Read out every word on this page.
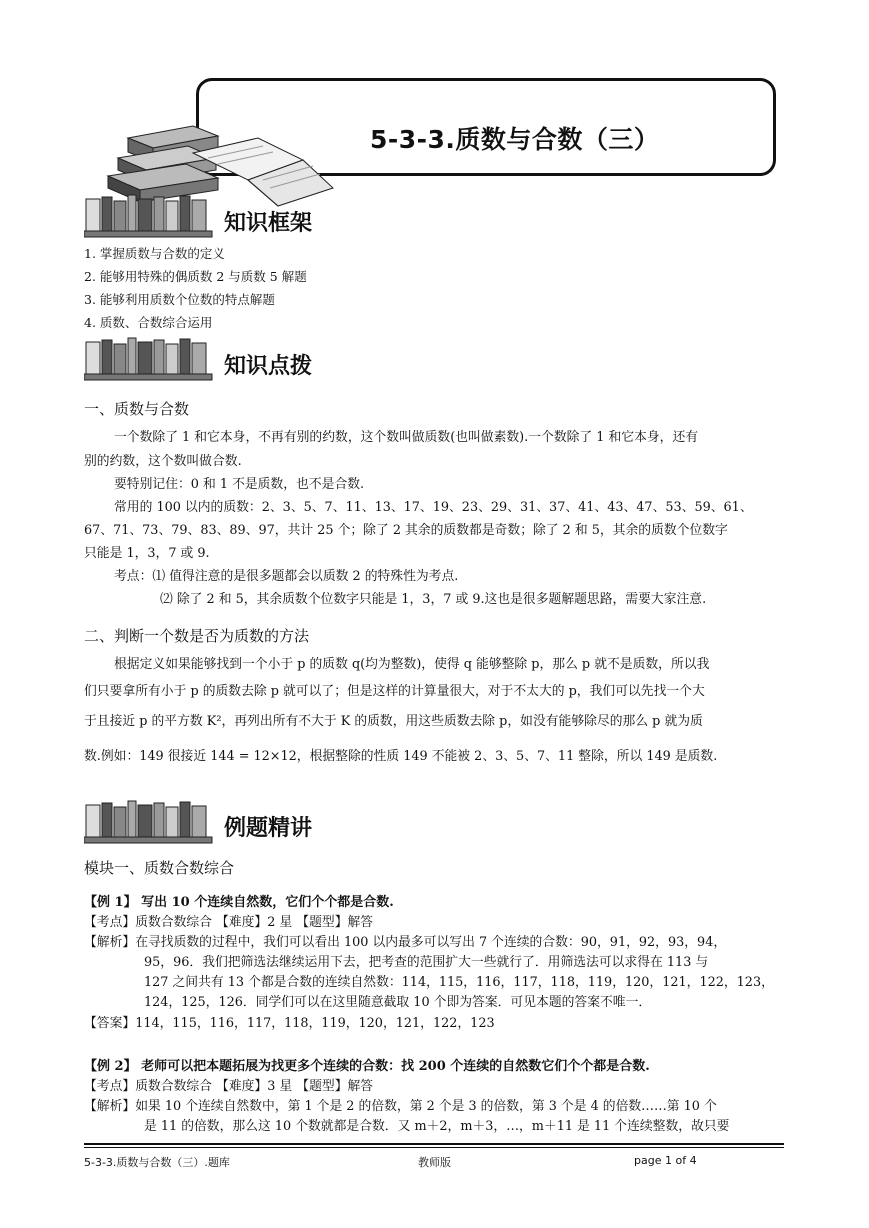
5-3-3.质数与合数（三）
知识框架
1. 掌握质数与合数的定义
2. 能够用特殊的偶质数 2 与质数 5 解题
3. 能够利用质数个位数的特点解题
4. 质数、合数综合运用
知识点拨
一、质数与合数
一个数除了 1 和它本身，不再有别的约数，这个数叫做质数(也叫做素数).一个数除了 1 和它本身，还有
别的约数，这个数叫做合数.
要特别记住：0 和 1 不是质数，也不是合数.
常用的 100 以内的质数：2、3、5、7、11、13、17、19、23、29、31、37、41、43、47、53、59、61、
67、71、73、79、83、89、97，共计 25 个；除了 2 其余的质数都是奇数；除了 2 和 5，其余的质数个位数字
只能是 1，3，7 或 9.
考点：⑴ 值得注意的是很多题都会以质数 2 的特殊性为考点.
⑵ 除了 2 和 5，其余质数个位数字只能是 1，3，7 或 9.这也是很多题解题思路，需要大家注意.
二、判断一个数是否为质数的方法
根据定义如果能够找到一个小于 p 的质数 q(均为整数)，使得 q 能够整除 p，那么 p 就不是质数，所以我
们只要拿所有小于 p 的质数去除 p 就可以了；但是这样的计算量很大，对于不太大的 p，我们可以先找一个大
于且接近 p 的平方数 K²，再列出所有不大于 K 的质数，用这些质数去除 p，如没有能够除尽的那么 p 就为质
数.例如：149 很接近 144 = 12×12，根据整除的性质 149 不能被 2、3、5、7、11 整除，所以 149 是质数.
例题精讲
模块一、质数合数综合
【例 1】 写出 10 个连续自然数，它们个个都是合数.
【考点】质数合数综合 【难度】2 星 【题型】解答
【解析】在寻找质数的过程中，我们可以看出 100 以内最多可以写出 7 个连续的合数：90，91，92，93，94，
95，96．我们把筛选法继续运用下去，把考查的范围扩大一些就行了．用筛选法可以求得在 113 与
127 之间共有 13 个都是合数的连续自然数：114，115，116，117，118，119，120，121，122，123，
124，125，126．同学们可以在这里随意截取 10 个即为答案．可见本题的答案不唯一．
【答案】114，115，116，117，118，119，120，121，122，123
【例 2】 老师可以把本题拓展为找更多个连续的合数：找 200 个连续的自然数它们个个都是合数.
【考点】质数合数综合 【难度】3 星 【题型】解答
【解析】如果 10 个连续自然数中，第 1 个是 2 的倍数，第 2 个是 3 的倍数，第 3 个是 4 的倍数……第 10 个
是 11 的倍数，那么这 10 个数就都是合数．又 m＋2，m＋3，…，m＋11 是 11 个连续整数，故只要
5-3-3.质数与合数（三）.题库	教师版	page 1 of 4
